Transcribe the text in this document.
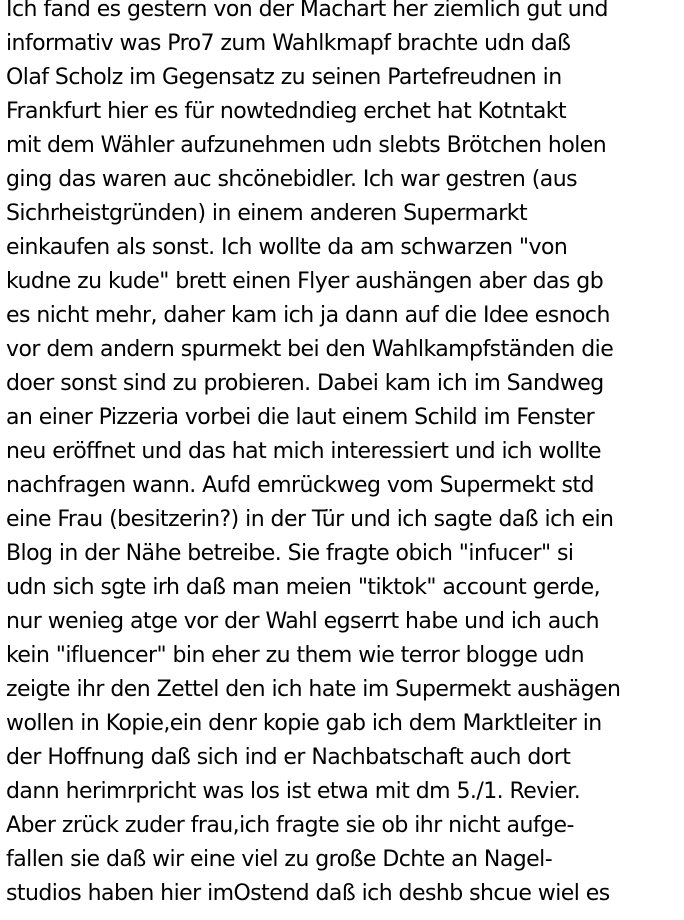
Ich fand es gestern von der Machart her ziemlich gut und
informativ was Pro7 zum Wahlkmapf brachte udn daß
Olaf Scholz im Gegensatz zu seinen Partefreudnen in
Frankfurt hier es für nowtedndieg erchet hat Kotntakt
mit dem Wähler aufzunehmen udn slebts Brötchen holen
ging das waren auc shcönebidler. Ich war gestren (aus
Sichrheistgründen) in einem anderen Supermarkt
einkaufen als sonst. Ich wollte da am schwarzen "von
kudne zu kude" brett einen Flyer aushängen aber das gb
es nicht mehr, daher kam ich ja dann auf die Idee esnoch
vor dem andern spurmekt bei den Wahlkampfständen die
doer sonst sind zu probieren. Dabei kam ich im Sandweg
an einer Pizzeria vorbei die laut einem Schild im Fenster
neu eröffnet und das hat mich interessiert und ich wollte
nachfragen wann. Aufd emrückweg vom Supermekt std
eine Frau (besitzerin?) in der Tür und ich sagte daß ich ein
Blog in der Nähe betreibe. Sie fragte obich "infucer" si
udn sich sgte irh daß man meien "tiktok" account gerde,
nur wenieg atge vor der Wahl egserrt habe und ich auch
kein "ifluencer" bin eher zu them wie terror blogge udn
zeigte ihr den Zettel den ich hate im Supermekt aushägen
wollen in Kopie,ein denr kopie gab ich dem Marktleiter in
der Hoffnung daß sich ind er Nachbatschaft auch dort
dann herimrpricht was los ist etwa mit dm 5./1. Revier.
Aber zrück zuder frau,ich fragte sie ob ihr nicht aufge-
fallen sie daß wir eine viel zu große Dchte an Nagel-
studios haben hier imOstend daß ich deshb shcue wiel es
